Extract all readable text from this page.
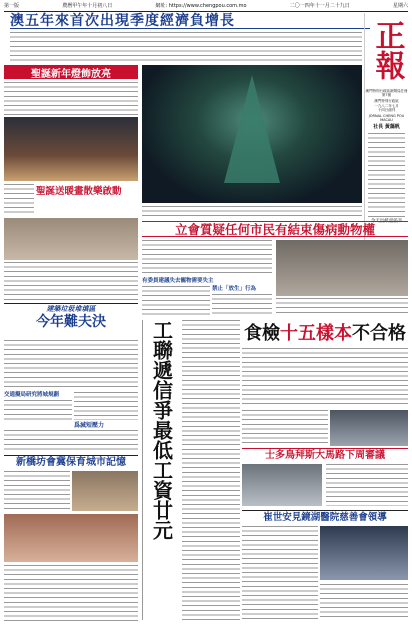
第一版	農曆甲午年十月初八日	網址: https://www.chengpou.com.mo	二〇一四年十一月二十九日	星期六
澳五年來首次出現季度經濟負增長	正報
澳門特別行政區新聞局註冊第7號
澳門特別行政區
一九八二年七月
十四日創刊
JORNAL CHENG POU MACAU
社長 黃藹帆
今天出紙壹張半
聖誕新年燈飾放亮
聖誕送暖畫散樂啟動
立會質疑任何市民有結束傷病動物權
有委員建議失去寵物需要失主
禁止「放生」行為
建築垃圾堆填區
今年難夫決
交通擬局研究將城規劃
爲減短壓力
新橋坊會冀保育城市記憶	工聯遞信爭最低工資廿元	食檢 十五樣本 不合格
士多鳥拜斯大馬路下周審議
崔世安見鏡湖醫院慈善會領導
